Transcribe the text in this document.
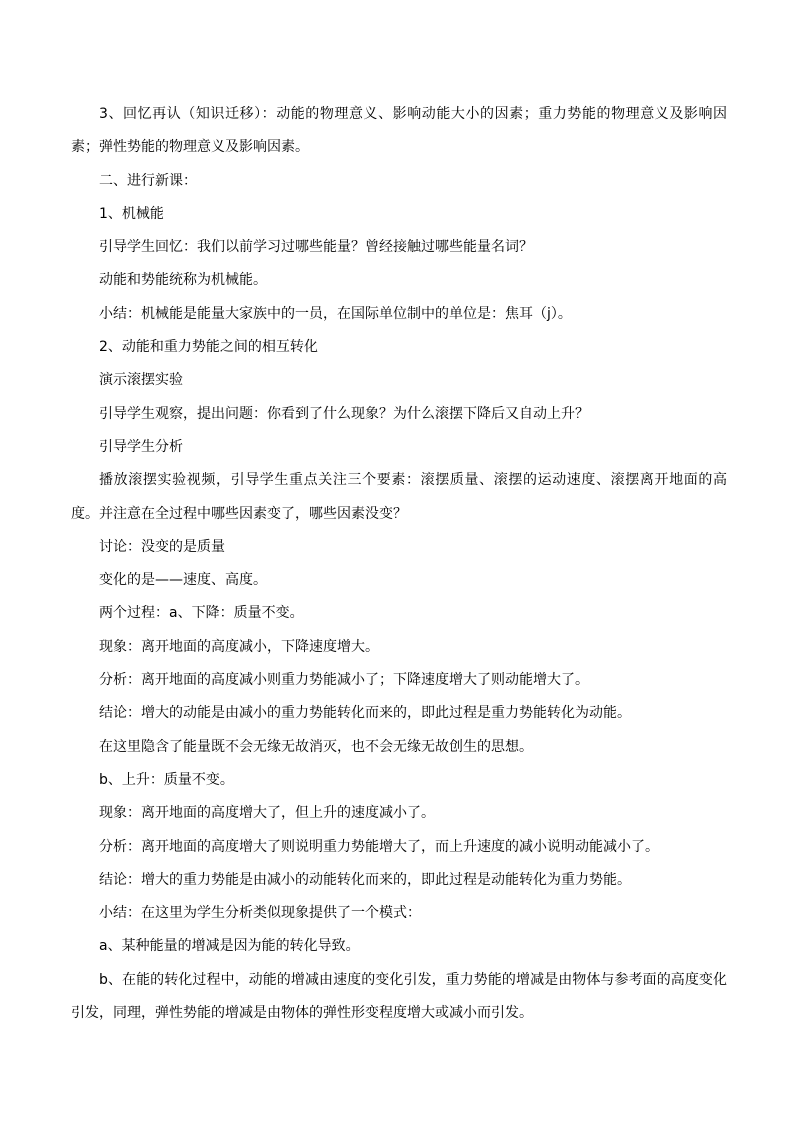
3、回忆再认（知识迁移）：动能的物理意义、影响动能大小的因素；重力势能的物理意义及影响因素；弹性势能的物理意义及影响因素。

二、进行新课：

1、机械能

引导学生回忆：我们以前学习过哪些能量？曾经接触过哪些能量名词？

动能和势能统称为机械能。

小结：机械能是能量大家族中的一员，在国际单位制中的单位是：焦耳（j）。

2、动能和重力势能之间的相互转化

演示滚摆实验

引导学生观察，提出问题：你看到了什么现象？为什么滚摆下降后又自动上升？

引导学生分析

播放滚摆实验视频，引导学生重点关注三个要素：滚摆质量、滚摆的运动速度、滚摆离开地面的高度。并注意在全过程中哪些因素变了，哪些因素没变？

讨论：没变的是质量

变化的是——速度、高度。

两个过程：a、下降：质量不变。

现象：离开地面的高度减小，下降速度增大。

分析：离开地面的高度减小则重力势能减小了；下降速度增大了则动能增大了。

结论：增大的动能是由减小的重力势能转化而来的，即此过程是重力势能转化为动能。

在这里隐含了能量既不会无缘无故消灭，也不会无缘无故创生的思想。

b、上升：质量不变。

现象：离开地面的高度增大了，但上升的速度减小了。

分析：离开地面的高度增大了则说明重力势能增大了，而上升速度的减小说明动能减小了。

结论：增大的重力势能是由减小的动能转化而来的，即此过程是动能转化为重力势能。

小结：在这里为学生分析类似现象提供了一个模式：

a、某种能量的增减是因为能的转化导致。

b、在能的转化过程中，动能的增减由速度的变化引发，重力势能的增减是由物体与参考面的高度变化引发，同理，弹性势能的增减是由物体的弹性形变程度增大或减小而引发。
